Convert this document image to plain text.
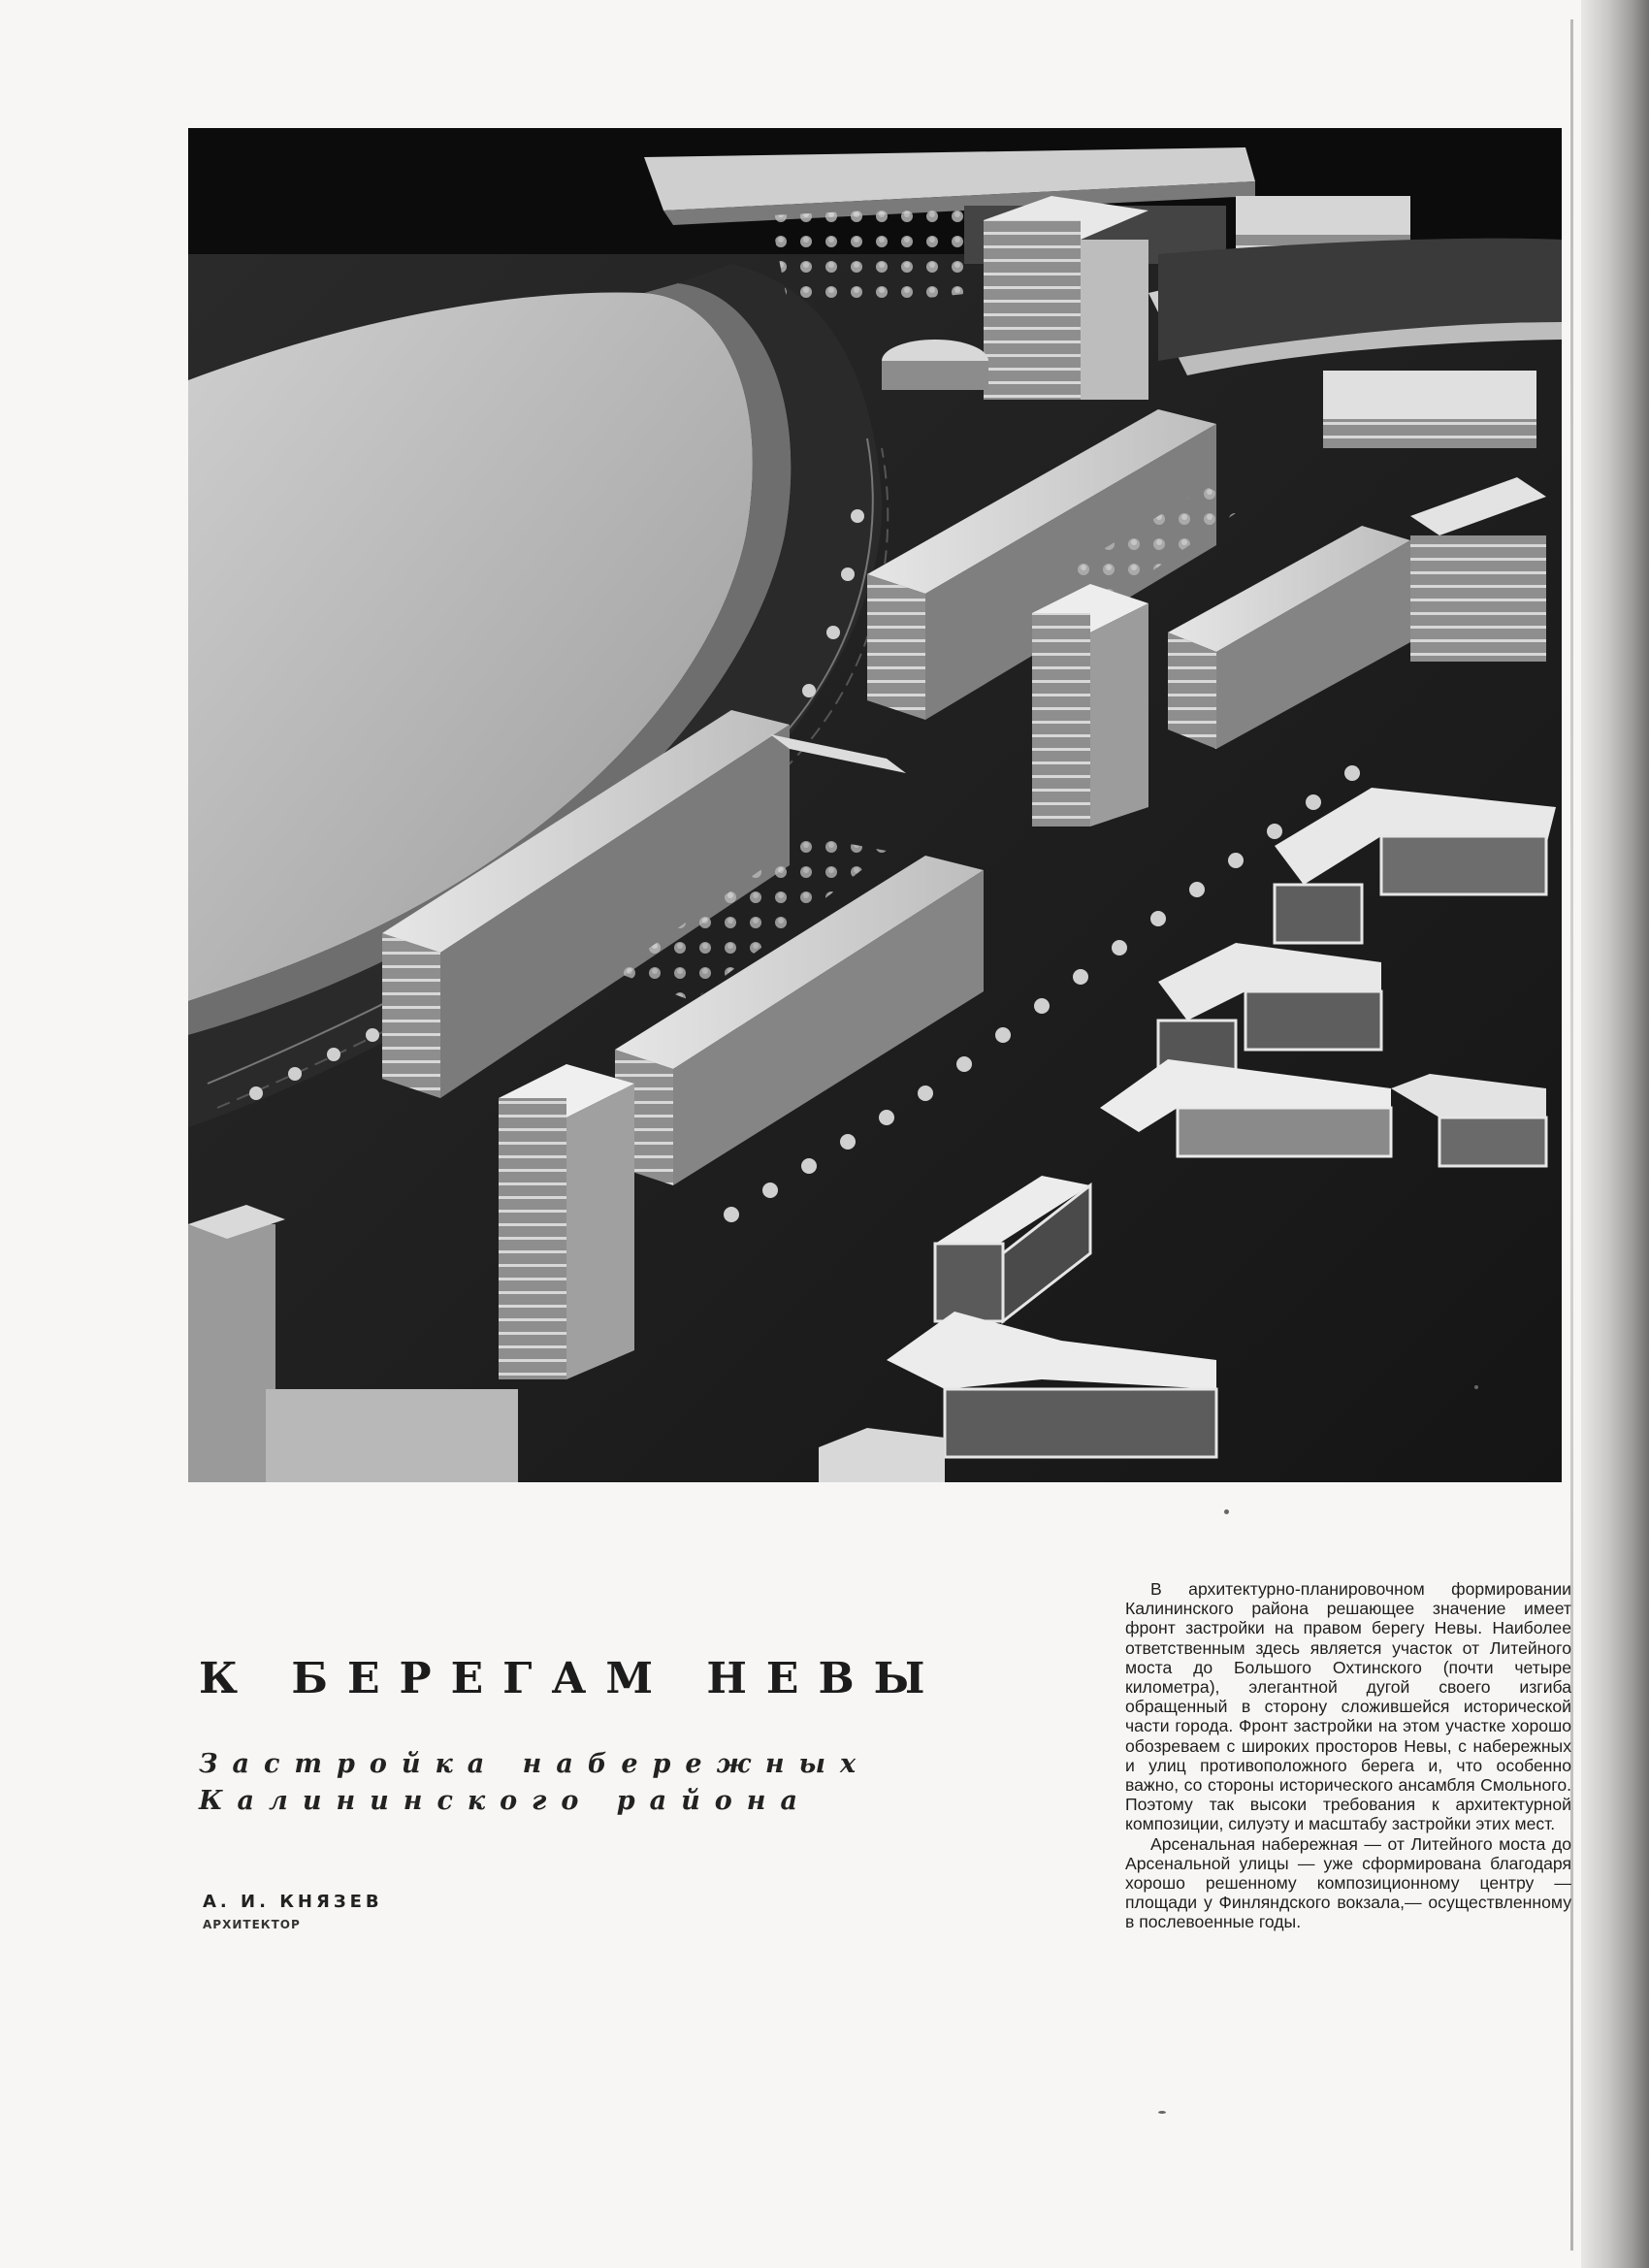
К БЕРЕГАМ НЕВЫ
Застройка набережных
Калининского района
А. И. КНЯЗЕВ
АРХИТЕКТОР

В архитектурно-планировочном формировании Калининского района решающее значение имеет фронт застройки на правом берегу Невы. Наиболее ответственным здесь является участок от Литейного моста до Большого Охтинского (почти четыре километра), элегантной дугой своего изгиба обращенный в сторону сложившейся исторической части города. Фронт застройки на этом участке хорошо обозреваем с широких просторов Невы, с набережных и улиц противоположного берега и, что особенно важно, со стороны исторического ансамбля Смольного. Поэтому так высоки требования к архитектурной композиции, силуэту и масштабу застройки этих мест.

Арсенальная набережная — от Литейного моста до Арсенальной улицы — уже сформирована благодаря хорошо решенному композиционному центру — площади у Финляндского вокзала,— осуществленному в послевоенные годы.
